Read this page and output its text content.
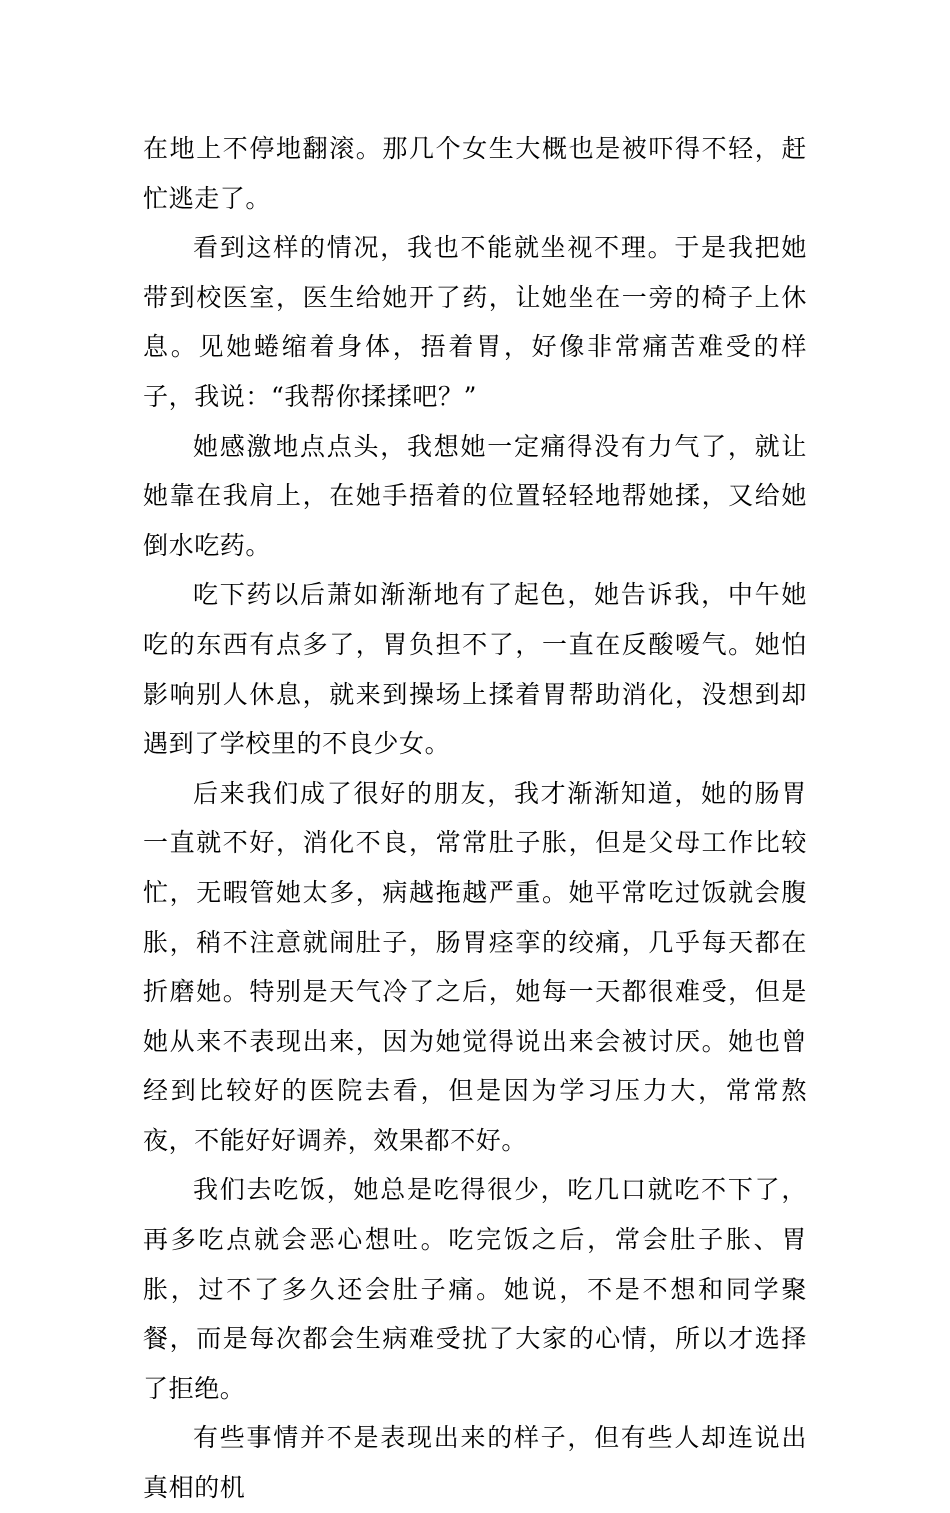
在地上不停地翻滚。那几个女生大概也是被吓得不轻，赶忙逃走了。

看到这样的情况，我也不能就坐视不理。于是我把她带到校医室，医生给她开了药，让她坐在一旁的椅子上休息。见她蜷缩着身体，捂着胃，好像非常痛苦难受的样子，我说：“我帮你揉揉吧？”

她感激地点点头，我想她一定痛得没有力气了，就让她靠在我肩上，在她手捂着的位置轻轻地帮她揉，又给她倒水吃药。

吃下药以后萧如渐渐地有了起色，她告诉我，中午她吃的东西有点多了，胃负担不了，一直在反酸嗳气。她怕影响别人休息，就来到操场上揉着胃帮助消化，没想到却遇到了学校里的不良少女。

后来我们成了很好的朋友，我才渐渐知道，她的肠胃一直就不好，消化不良，常常肚子胀，但是父母工作比较忙，无暇管她太多，病越拖越严重。她平常吃过饭就会腹胀，稍不注意就闹肚子，肠胃痉挛的绞痛，几乎每天都在折磨她。特别是天气冷了之后，她每一天都很难受，但是她从来不表现出来，因为她觉得说出来会被讨厌。她也曾经到比较好的医院去看，但是因为学习压力大，常常熬夜，不能好好调养，效果都不好。

我们去吃饭，她总是吃得很少，吃几口就吃不下了，再多吃点就会恶心想吐。吃完饭之后，常会肚子胀、胃胀，过不了多久还会肚子痛。她说，不是不想和同学聚餐，而是每次都会生病难受扰了大家的心情，所以才选择了拒绝。

有些事情并不是表现出来的样子，但有些人却连说出真相的机
